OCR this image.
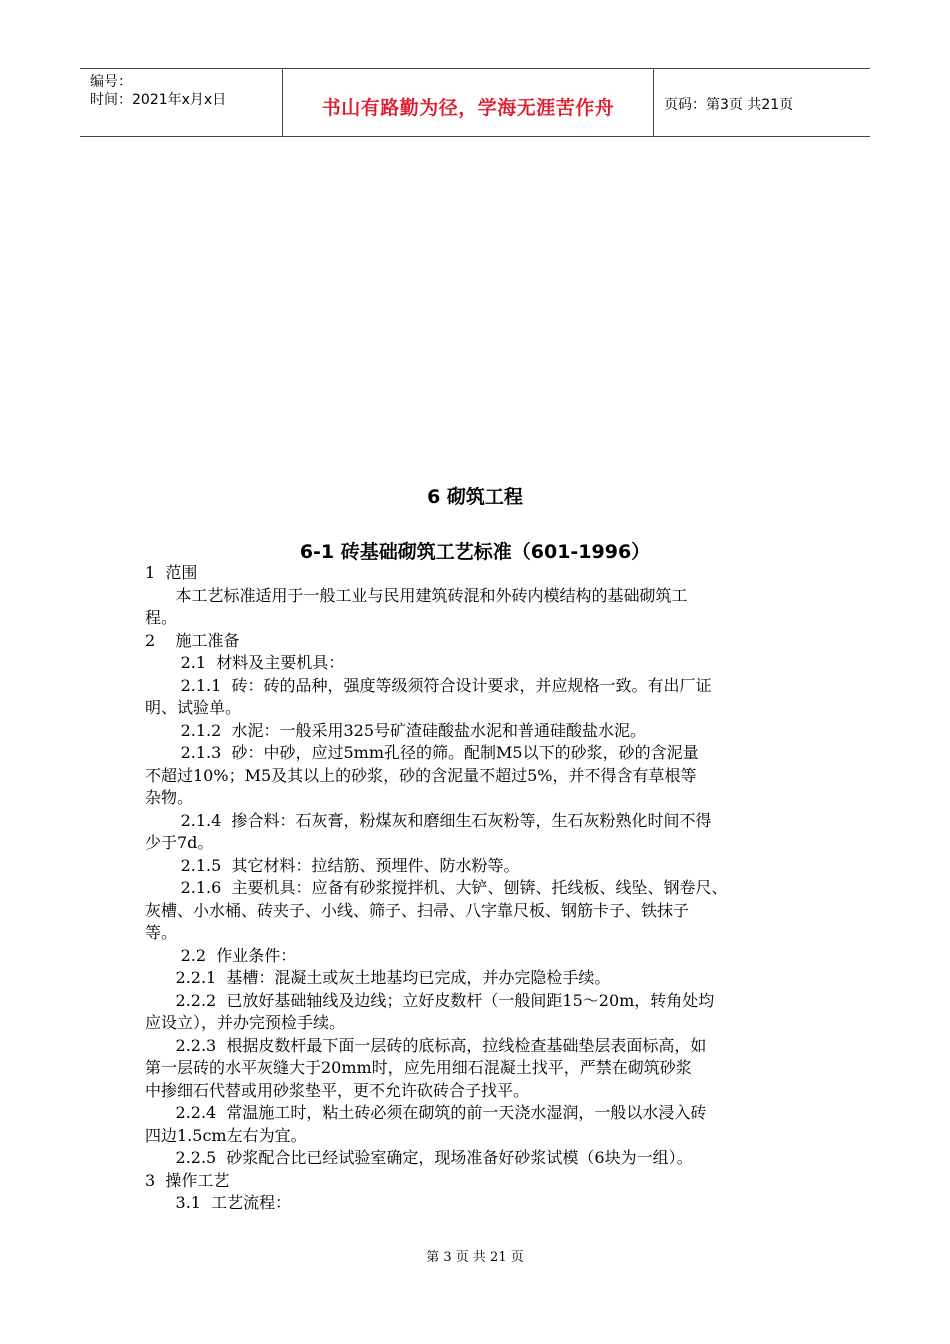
编号：
时间：2021年x月x日	书山有路勤为径，学海无涯苦作舟	页码：第3页 共21页
6 砌筑工程
6-1 砖基础砌筑工艺标准（601-1996）

1  范围

本工艺标准适用于一般工业与民用建筑砖混和外砖内模结构的基础砌筑工

程。

2    施工准备

2.1  材料及主要机具：

2.1.1  砖：砖的品种，强度等级须符合设计要求，并应规格一致。有出厂证

明、试验单。

2.1.2  水泥：一般采用325号矿渣硅酸盐水泥和普通硅酸盐水泥。

2.1.3  砂：中砂，应过5mm孔径的筛。配制M5以下的砂浆，砂的含泥量

不超过10%；M5及其以上的砂浆，砂的含泥量不超过5%，并不得含有草根等

杂物。

2.1.4  掺合料：石灰膏，粉煤灰和磨细生石灰粉等，生石灰粉熟化时间不得

少于7d。

2.1.5  其它材料：拉结筋、预埋件、防水粉等。

2.1.6  主要机具：应备有砂浆搅拌机、大铲、刨锛、托线板、线坠、钢卷尺、

灰槽、小水桶、砖夹子、小线、筛子、扫帚、八字靠尺板、钢筋卡子、铁抹子

等。

2.2  作业条件：

2.2.1  基槽：混凝土或灰土地基均已完成，并办完隐检手续。

2.2.2  已放好基础轴线及边线；立好皮数杆（一般间距15～20m，转角处均

应设立），并办完预检手续。

2.2.3  根据皮数杆最下面一层砖的底标高，拉线检查基础垫层表面标高，如

第一层砖的水平灰缝大于20mm时，应先用细石混凝土找平，严禁在砌筑砂浆

中掺细石代替或用砂浆垫平，更不允许砍砖合子找平。

2.2.4  常温施工时，粘土砖必须在砌筑的前一天浇水湿润，一般以水浸入砖

四边1.5cm左右为宜。

2.2.5  砂浆配合比已经试验室确定，现场准备好砂浆试模（6块为一组）。

3  操作工艺

3.1  工艺流程：

第 3 页 共 21 页
